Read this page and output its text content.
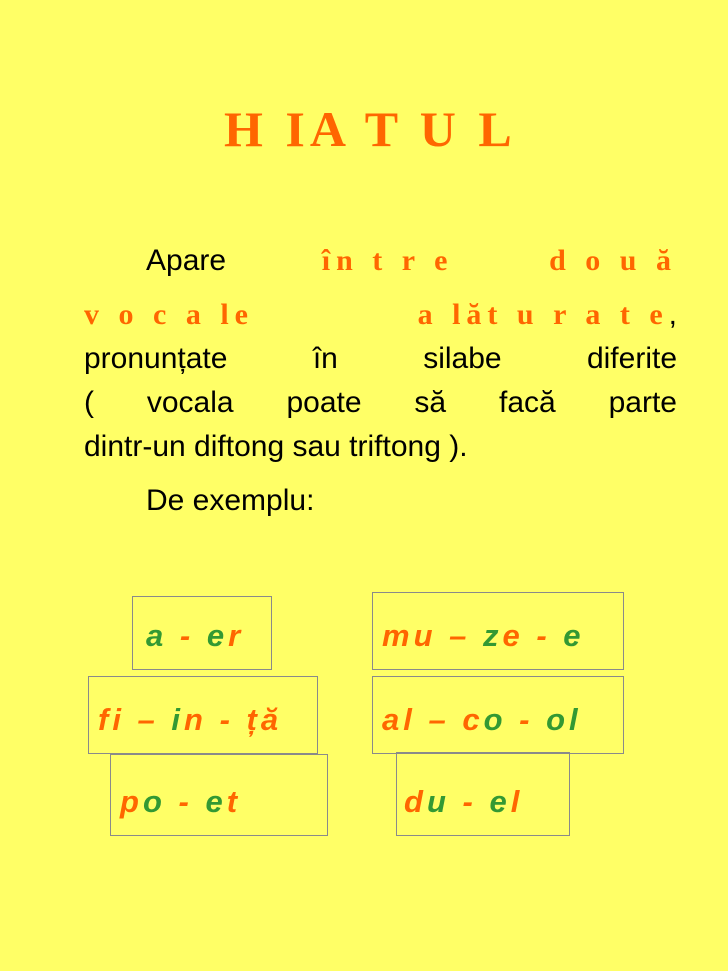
H IA T U L
Apare	în t r e	d o u ă
v o c a le	a lăt u r a t e,
pronunțate	în	silabe	diferite
( vocala poate să facă parte
dintr-un diftong sau triftong ).
De exemplu:
a - er	mu – ze - e
fi – in - ță	al – co - ol
po - et	du - el
